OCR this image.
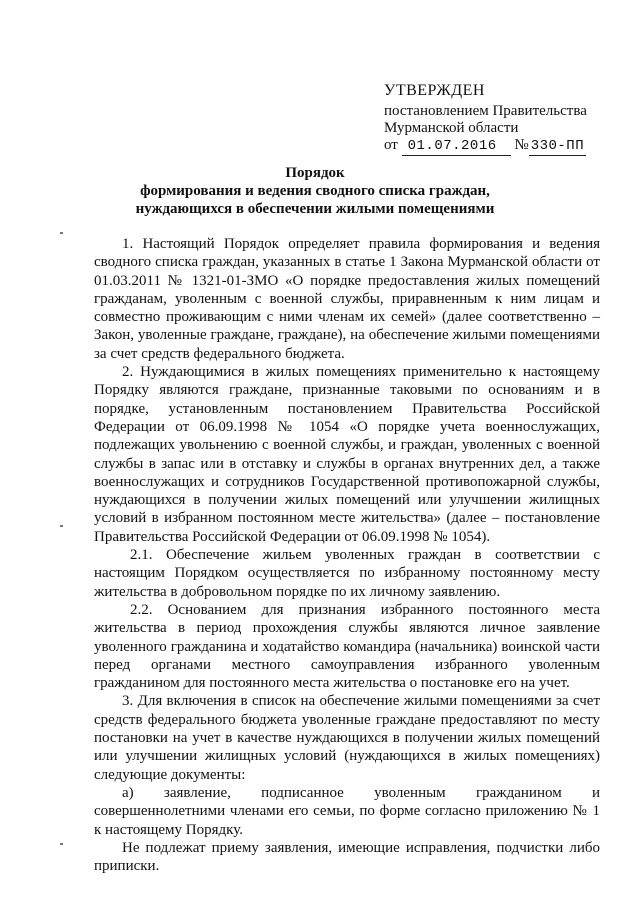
УТВЕРЖДЕН
постановлением Правительства
Мурманской области
от 01.07.2016 № 330-ПП
Порядок
формирования и ведения сводного списка граждан, нуждающихся в обеспечении жилыми помещениями

1. Настоящий Порядок определяет правила формирования и ведения сводного списка граждан, указанных в статье 1 Закона Мурманской области от 01.03.2011 № 1321-01-ЗМО «О порядке предоставления жилых помещений гражданам, уволенным с военной службы, приравненным к ним лицам и совместно проживающим с ними членам их семей» (далее соответственно – Закон, уволенные граждане, граждане), на обеспечение жилыми помещениями за счет средств федерального бюджета.

2. Нуждающимися в жилых помещениях применительно к настоящему Порядку являются граждане, признанные таковыми по основаниям и в порядке, установленным постановлением Правительства Российской Федерации от 06.09.1998 № 1054 «О порядке учета военнослужащих, подлежащих увольнению с военной службы, и граждан, уволенных с военной службы в запас или в отставку и службы в органах внутренних дел, а также военнослужащих и сотрудников Государственной противопожарной службы, нуждающихся в получении жилых помещений или улучшении жилищных условий в избранном постоянном месте жительства» (далее – постановление Правительства Российской Федерации от 06.09.1998 № 1054).

2.1. Обеспечение жильем уволенных граждан в соответствии с настоящим Порядком осуществляется по избранному постоянному месту жительства в добровольном порядке по их личному заявлению.

2.2. Основанием для признания избранного постоянного места жительства в период прохождения службы являются личное заявление уволенного гражданина и ходатайство командира (начальника) воинской части перед органами местного самоуправления избранного уволенным гражданином для постоянного места жительства о постановке его на учет.

3. Для включения в список на обеспечение жилыми помещениями за счет средств федерального бюджета уволенные граждане предоставляют по месту постановки на учет в качестве нуждающихся в получении жилых помещений или улучшении жилищных условий (нуждающихся в жилых помещениях) следующие документы:

а) заявление, подписанное уволенным гражданином и совершеннолетними членами его семьи, по форме согласно приложению № 1 к настоящему Порядку.

Не подлежат приему заявления, имеющие исправления, подчистки либо приписки.
